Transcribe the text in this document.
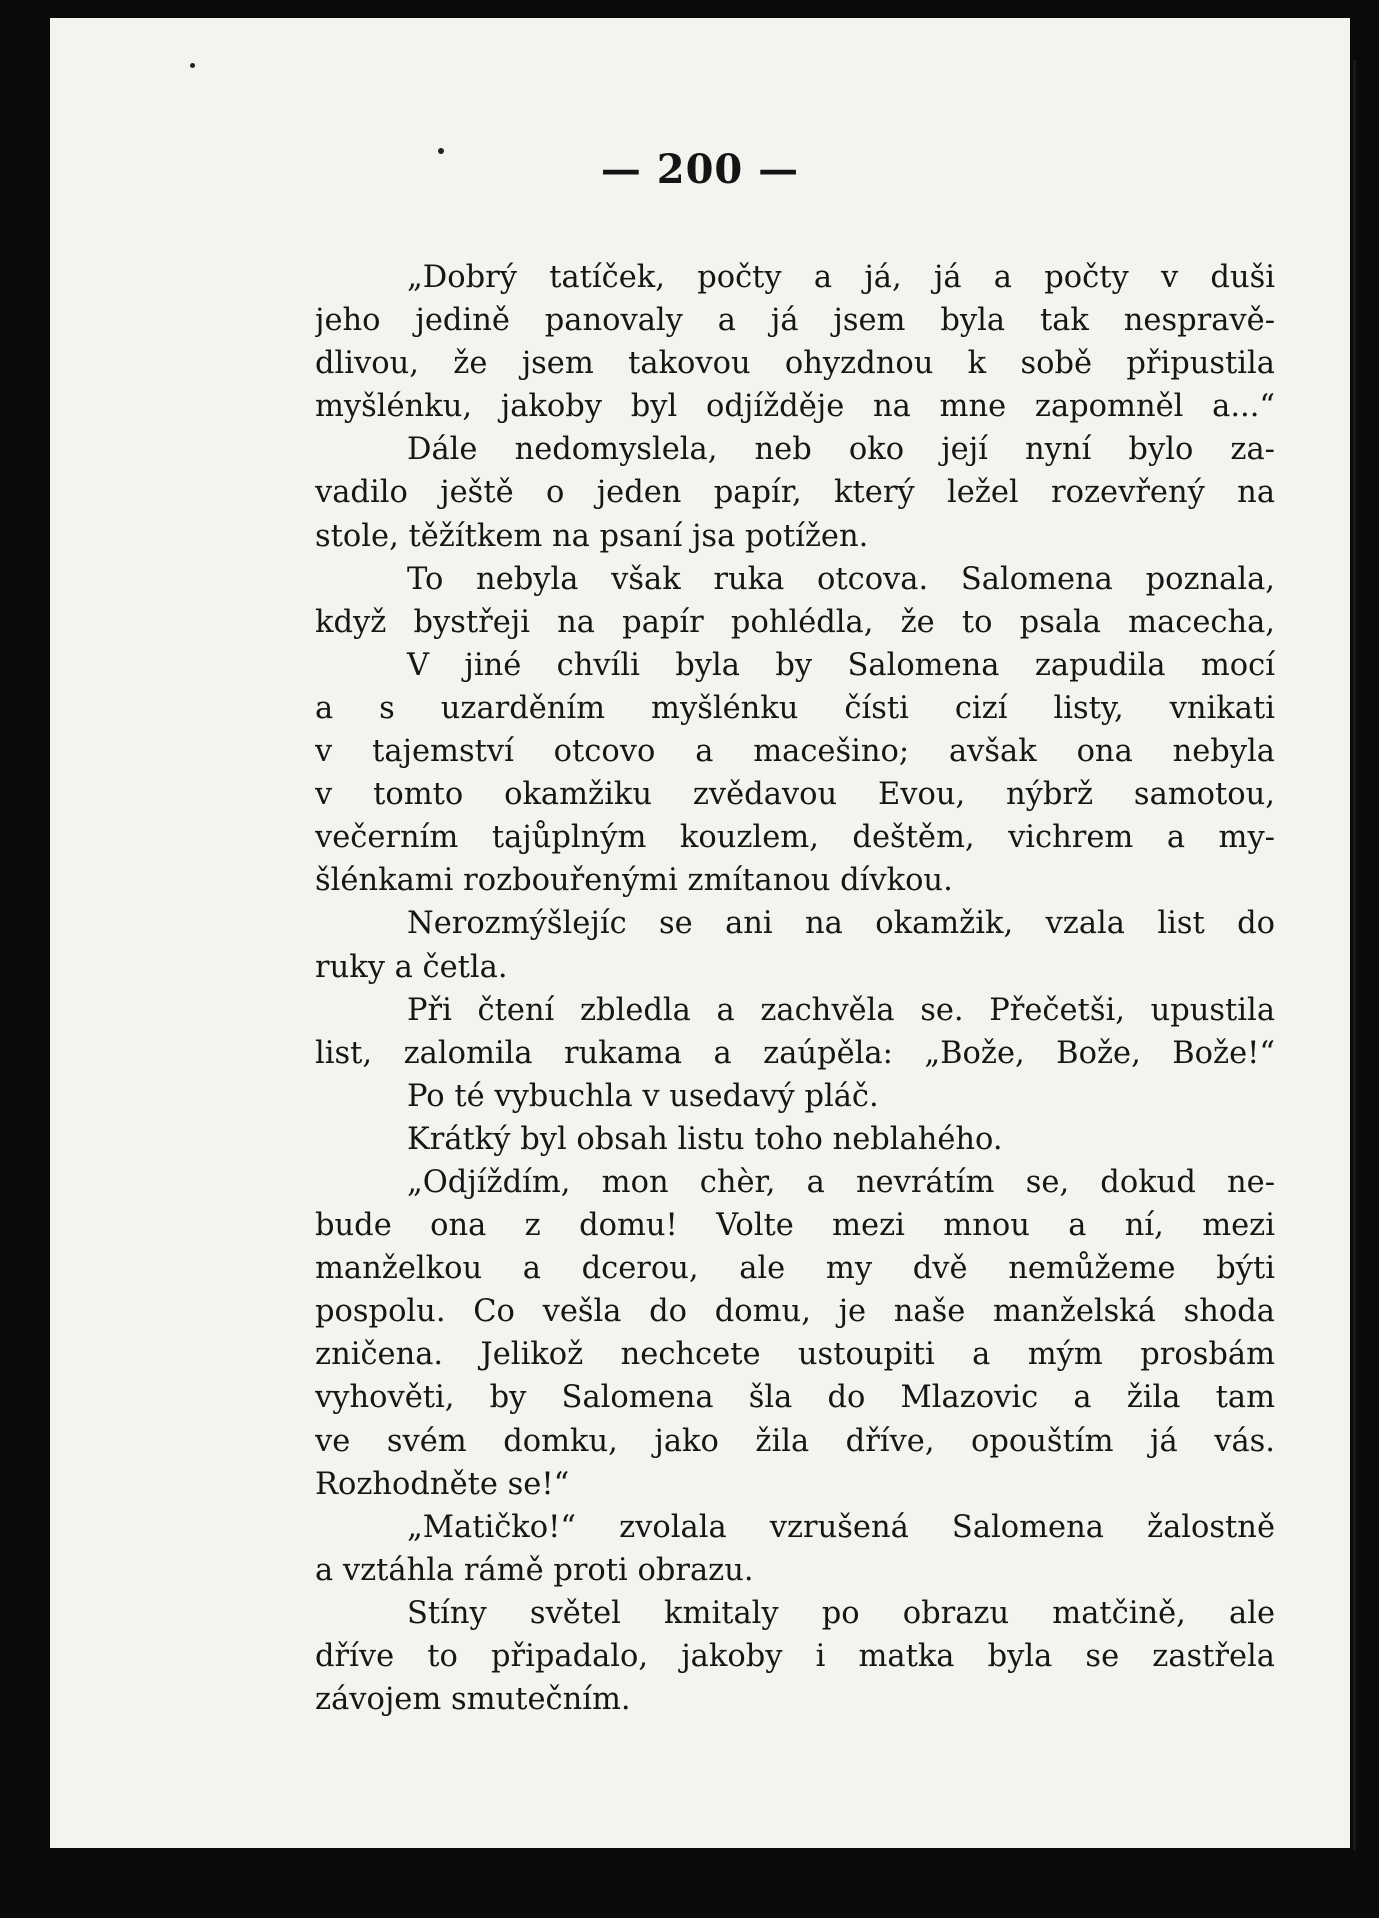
— 200 —
„Dobrý tatíček, počty a já, já a počty v duši
jeho jedině panovaly a já jsem byla tak nespravě-
dlivou, že jsem takovou ohyzdnou k sobě připustila
myšlénku, jakoby byl odjížděje na mne zapomněl a...“
Dále nedomyslela, neb oko její nyní bylo za-
vadilo ještě o jeden papír, který ležel rozevřený na
stole, těžítkem na psaní jsa potížen.
To nebyla však ruka otcova. Salomena poznala,
když bystřeji na papír pohlédla, že to psala macecha,
V jiné chvíli byla by Salomena zapudila mocí
a s uzarděním myšlénku čísti cizí listy, vnikati
v tajemství otcovo a macešino; avšak ona nebyla
v tomto okamžiku zvědavou Evou, nýbrž samotou,
večerním tajůplným kouzlem, deštěm, vichrem a my-
šlénkami rozbouřenými zmítanou dívkou.
Nerozmýšlejíc se ani na okamžik, vzala list do
ruky a četla.
Při čtení zbledla a zachvěla se. Přečetši, upustila
list, zalomila rukama a zaúpěla: „Bože, Bože, Bože!“
Po té vybuchla v usedavý pláč.
Krátký byl obsah listu toho neblahého.
„Odjíždím, mon chèr, a nevrátím se, dokud ne-
bude ona z domu! Volte mezi mnou a ní, mezi
manželkou a dcerou, ale my dvě nemůžeme býti
pospolu. Co vešla do domu, je naše manželská shoda
zničena. Jelikož nechcete ustoupiti a mým prosbám
vyhověti, by Salomena šla do Mlazovic a žila tam
ve svém domku, jako žila dříve, opouštím já vás.
Rozhodněte se!“
„Matičko!“ zvolala vzrušená Salomena žalostně
a vztáhla rámě proti obrazu.
Stíny světel kmitaly po obrazu matčině, ale
dříve to připadalo, jakoby i matka byla se zastřela
závojem smutečním.
